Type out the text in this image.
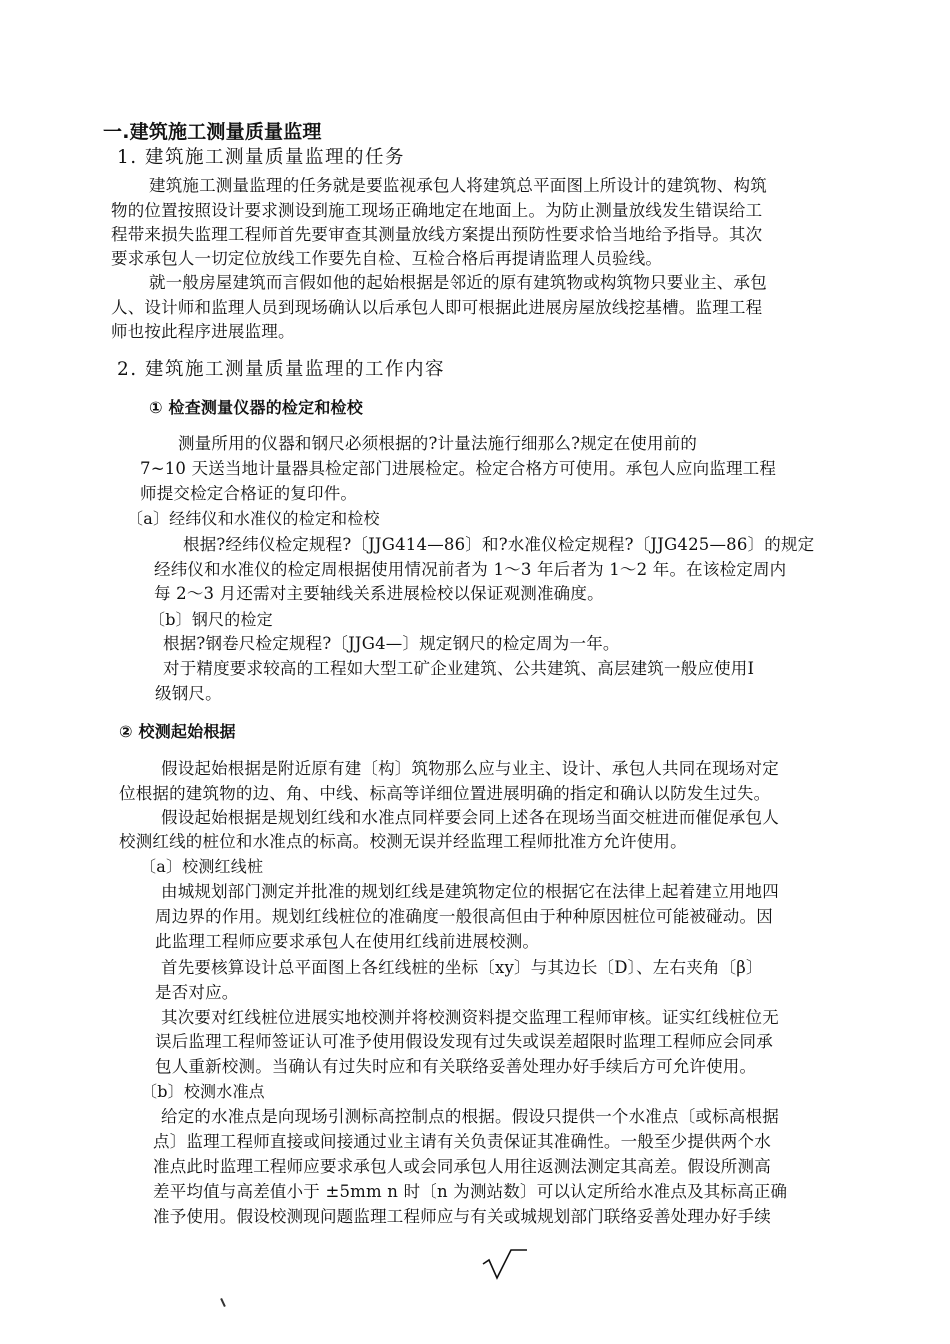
一.建筑施工测量质量监理
1. 建筑施工测量质量监理的任务
建筑施工测量监理的任务就是要监视承包人将建筑总平面图上所设计的建筑物、构筑
物的位置按照设计要求测设到施工现场正确地定在地面上。为防止测量放线发生错误给工
程带来损失监理工程师首先要审查其测量放线方案提出预防性要求恰当地给予指导。其次
要求承包人一切定位放线工作要先自检、互检合格后再提请监理人员验线。
就一般房屋建筑而言假如他的起始根据是邻近的原有建筑物或构筑物只要业主、承包
人、设计师和监理人员到现场确认以后承包人即可根据此进展房屋放线挖基槽。监理工程
师也按此程序进展监理。
2. 建筑施工测量质量监理的工作内容
① 检查测量仪器的检定和检校
测量所用的仪器和钢尺必须根据的?计量法施行细那么?规定在使用前的
7~10 天送当地计量器具检定部门进展检定。检定合格方可使用。承包人应向监理工程
师提交检定合格证的复印件。
〔a〕经纬仪和水准仪的检定和检校
根据?经纬仪检定规程?〔JJG414—86〕和?水准仪检定规程?〔JJG425—86〕的规定
经纬仪和水准仪的检定周根据使用情况前者为 1～3 年后者为 1～2 年。在该检定周内
每 2～3 月还需对主要轴线关系进展检校以保证观测准确度。
〔b〕钢尺的检定
根据?钢卷尺检定规程?〔JJG4—〕规定钢尺的检定周为一年。
对于精度要求较高的工程如大型工矿企业建筑、公共建筑、高层建筑一般应使用Ⅰ
级钢尺。
② 校测起始根据
假设起始根据是附近原有建〔构〕筑物那么应与业主、设计、承包人共同在现场对定
位根据的建筑物的边、角、中线、标高等详细位置进展明确的指定和确认以防发生过失。
假设起始根据是规划红线和水准点同样要会同上述各在现场当面交桩进而催促承包人
校测红线的桩位和水准点的标高。校测无误并经监理工程师批准方允许使用。
〔a〕校测红线桩
由城规划部门测定并批准的规划红线是建筑物定位的根据它在法律上起着建立用地四
周边界的作用。规划红线桩位的准确度一般很高但由于种种原因桩位可能被碰动。因
此监理工程师应要求承包人在使用红线前进展校测。
首先要核算设计总平面图上各红线桩的坐标〔xy〕与其边长〔D〕、左右夹角〔β〕
是否对应。
其次要对红线桩位进展实地校测并将校测资料提交监理工程师审核。证实红线桩位无
误后监理工程师签证认可准予使用假设发现有过失或误差超限时监理工程师应会同承
包人重新校测。当确认有过失时应和有关联络妥善处理办好手续后方可允许使用。
〔b〕校测水准点
给定的水准点是向现场引测标高控制点的根据。假设只提供一个水准点〔或标高根据
点〕监理工程师直接或间接通过业主请有关负责保证其准确性。一般至少提供两个水
准点此时监理工程师应要求承包人或会同承包人用往返测法测定其高差。假设所测高
差平均值与高差值小于 ±5mm n 时〔n 为测站数〕可以认定所给水准点及其标高正确
准予使用。假设校测现问题监理工程师应与有关或城规划部门联络妥善处理办好手续
